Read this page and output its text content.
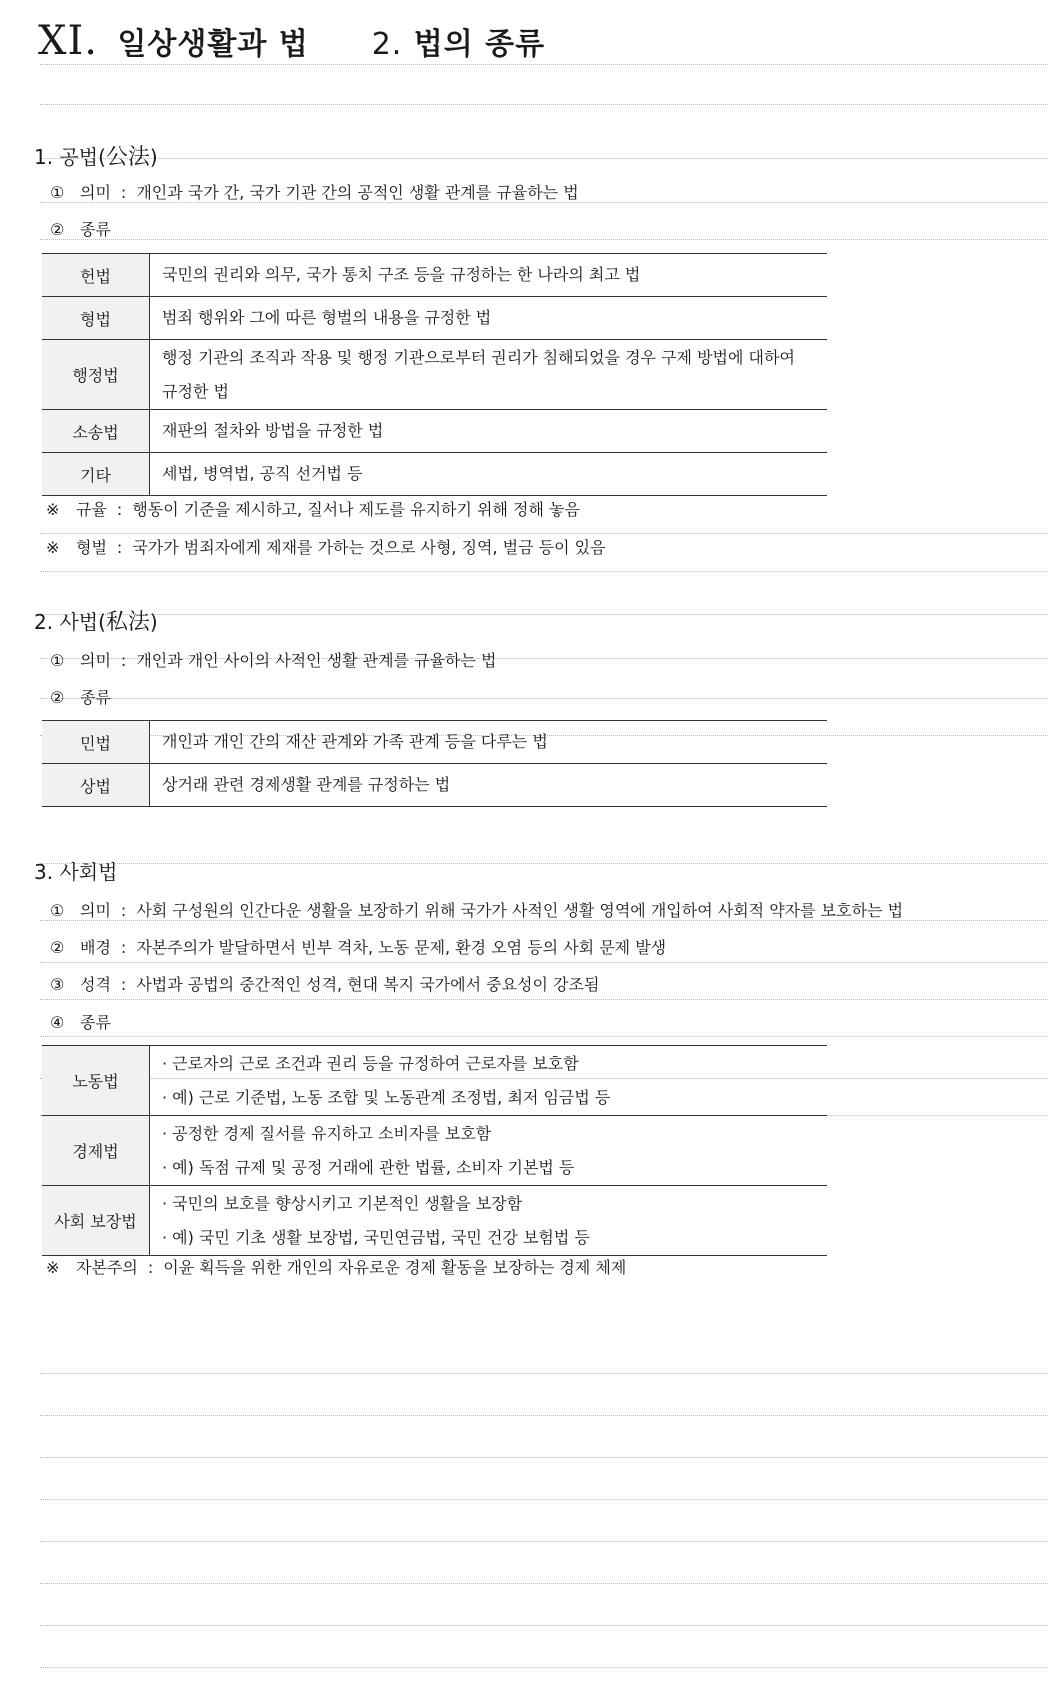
XI. 일상생활과 법 2. 법의 종류
1. 공법(公法)
① 의미 : 개인과 국가 간, 국가 기관 간의 공적인 생활 관계를 규율하는 법
② 종류
헌법	국민의 권리와 의무, 국가 통치 구조 등을 규정하는 한 나라의 최고 법

형법	범죄 행위와 그에 따른 형벌의 내용을 규정한 법

행정법	행정 기관의 조직과 작용 및 행정 기관으로부터 권리가 침해되었을 경우 구제 방법에 대하여
규정한 법

소송법	재판의 절차와 방법을 규정한 법

기타	세법, 병역법, 공직 선거법 등
※ 규율 : 행동이 기준을 제시하고, 질서나 제도를 유지하기 위해 정해 놓음
※ 형벌 : 국가가 범죄자에게 제재를 가하는 것으로 사형, 징역, 벌금 등이 있음
2. 사법(私法)
① 의미 : 개인과 개인 사이의 사적인 생활 관계를 규율하는 법
② 종류
민법	개인과 개인 간의 재산 관계와 가족 관계 등을 다루는 법

상법	상거래 관련 경제생활 관계를 규정하는 법
3. 사회법
① 의미 : 사회 구성원의 인간다운 생활을 보장하기 위해 국가가 사적인 생활 영역에 개입하여 사회적 약자를 보호하는 법
② 배경 : 자본주의가 발달하면서 빈부 격차, 노동 문제, 환경 오염 등의 사회 문제 발생
③ 성격 : 사법과 공법의 중간적인 성격, 현대 복지 국가에서 중요성이 강조됨
④ 종류
노동법	· 근로자의 근로 조건과 권리 등을 규정하여 근로자를 보호함
· 예) 근로 기준법, 노동 조합 및 노동관계 조정법, 최저 임금법 등

경제법	· 공정한 경제 질서를 유지하고 소비자를 보호함
· 예) 독점 규제 및 공정 거래에 관한 법률, 소비자 기본법 등

사회 보장법	· 국민의 보호를 향상시키고 기본적인 생활을 보장함
· 예) 국민 기초 생활 보장법, 국민연금법, 국민 건강 보험법 등
※ 자본주의 : 이윤 획득을 위한 개인의 자유로운 경제 활동을 보장하는 경제 체제
